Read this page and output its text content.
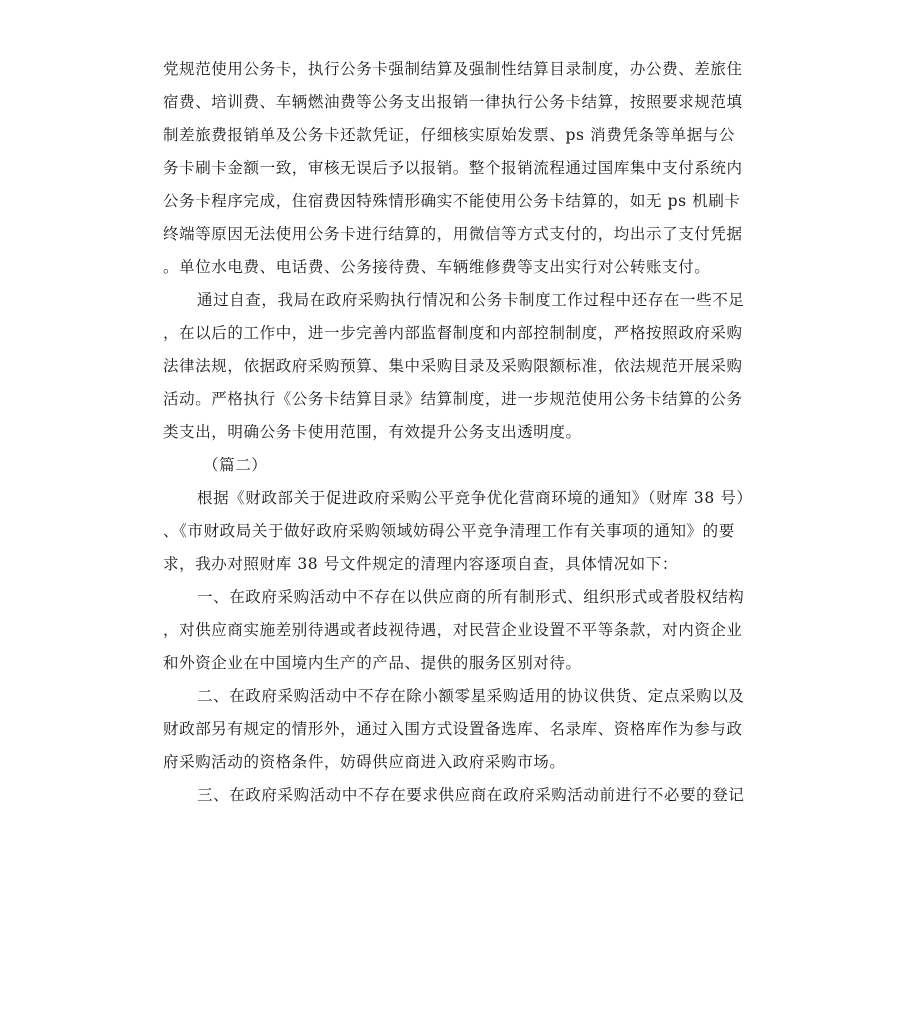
党规范使用公务卡，执行公务卡强制结算及强制性结算目录制度，办公费、差旅住
宿费、培训费、车辆燃油费等公务支出报销一律执行公务卡结算，按照要求规范填
制差旅费报销单及公务卡还款凭证，仔细核实原始发票、ps 消费凭条等单据与公
务卡刷卡金额一致，审核无误后予以报销。整个报销流程通过国库集中支付系统内
公务卡程序完成，住宿费因特殊情形确实不能使用公务卡结算的，如无 ps 机刷卡
终端等原因无法使用公务卡进行结算的，用微信等方式支付的，均出示了支付凭据
。单位水电费、电话费、公务接待费、车辆维修费等支出实行对公转账支付。
通过自查，我局在政府采购执行情况和公务卡制度工作过程中还存在一些不足
，在以后的工作中，进一步完善内部监督制度和内部控制制度，严格按照政府采购
法律法规，依据政府采购预算、集中采购目录及采购限额标准，依法规范开展采购
活动。严格执行《公务卡结算目录》结算制度，进一步规范使用公务卡结算的公务
类支出，明确公务卡使用范围，有效提升公务支出透明度。
（篇二）
根据《财政部关于促进政府采购公平竞争优化营商环境的通知》（财库 38 号）
、《市财政局关于做好政府采购领域妨碍公平竞争清理工作有关事项的通知》的要
求，我办对照财库 38 号文件规定的清理内容逐项自查，具体情况如下：
一、在政府采购活动中不存在以供应商的所有制形式、组织形式或者股权结构
，对供应商实施差别待遇或者歧视待遇，对民营企业设置不平等条款，对内资企业
和外资企业在中国境内生产的产品、提供的服务区别对待。
二、在政府采购活动中不存在除小额零星采购适用的协议供货、定点采购以及
财政部另有规定的情形外，通过入围方式设置备选库、名录库、资格库作为参与政
府采购活动的资格条件，妨碍供应商进入政府采购市场。
三、在政府采购活动中不存在要求供应商在政府采购活动前进行不必要的登记
